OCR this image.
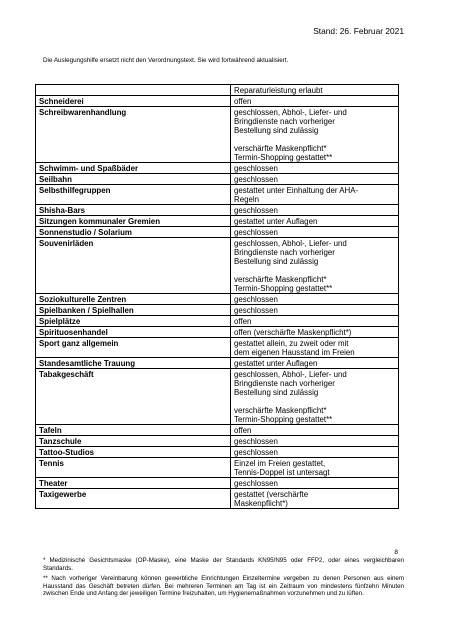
Stand: 26. Februar 2021
Die Auslegungshilfe ersetzt nicht den Verordnungstext. Sie wird fortwährend aktualisiert.

	Reparaturleistung erlaubt

Schneiderei	offen

Schreibwarenhandlung	geschlossen, Abhol-, Liefer- und
Bringdienste nach vorheriger
Bestellung sind zulässig
verschärfte Maskenpflicht*
Termin-Shopping gestattet**

Schwimm- und Spaßbäder	geschlossen

Seilbahn	geschlossen

Selbsthilfegruppen	gestattet unter Einhaltung der AHA-
Regeln

Shisha-Bars	geschlossen

Sitzungen kommunaler Gremien	gestattet unter Auflagen

Sonnenstudio / Solarium	geschlossen

Souvenirläden	geschlossen, Abhol-, Liefer- und
Bringdienste nach vorheriger
Bestellung sind zulässig
verschärfte Maskenpflicht*
Termin-Shopping gestattet**

Soziokulturelle Zentren	geschlossen

Spielbanken / Spielhallen	geschlossen

Spielplätze	offen

Spirituosenhandel	offen (verschärfte Maskenpflicht*)

Sport ganz allgemein	gestattet allein, zu zweit oder mit
dem eigenen Hausstand im Freien

Standesamtliche Trauung	gestattet unter Auflagen

Tabakgeschäft	geschlossen, Abhol-, Liefer- und
Bringdienste nach vorheriger
Bestellung sind zulässig
verschärfte Maskenpflicht*
Termin-Shopping gestattet**

Tafeln	offen

Tanzschule	geschlossen

Tattoo-Studios	geschlossen

Tennis	Einzel im Freien gestattet,
Tennis-Doppel ist untersagt

Theater	geschlossen

Taxigewerbe	gestattet (verschärfte
Maskenpflicht*)
8
* Medizinische Gesichtsmaske (OP-Maske), eine Maske der Standards KN95/N95 oder FFP2, oder eines vergleichbaren Standards.
** Nach vorheriger Vereinbarung können gewerbliche Einrichtungen Einzeltermine vergeben zu denen Personen aus einem Hausstand das Geschäft betreten dürfen. Bei mehreren Terminen am Tag ist ein Zeitraum von mindestens fünfzehn Minuten zwischen Ende und Anfang der jeweiligen Termine freizuhalten, um Hygienemaßnahmen vorzunehmen und zu lüften.
